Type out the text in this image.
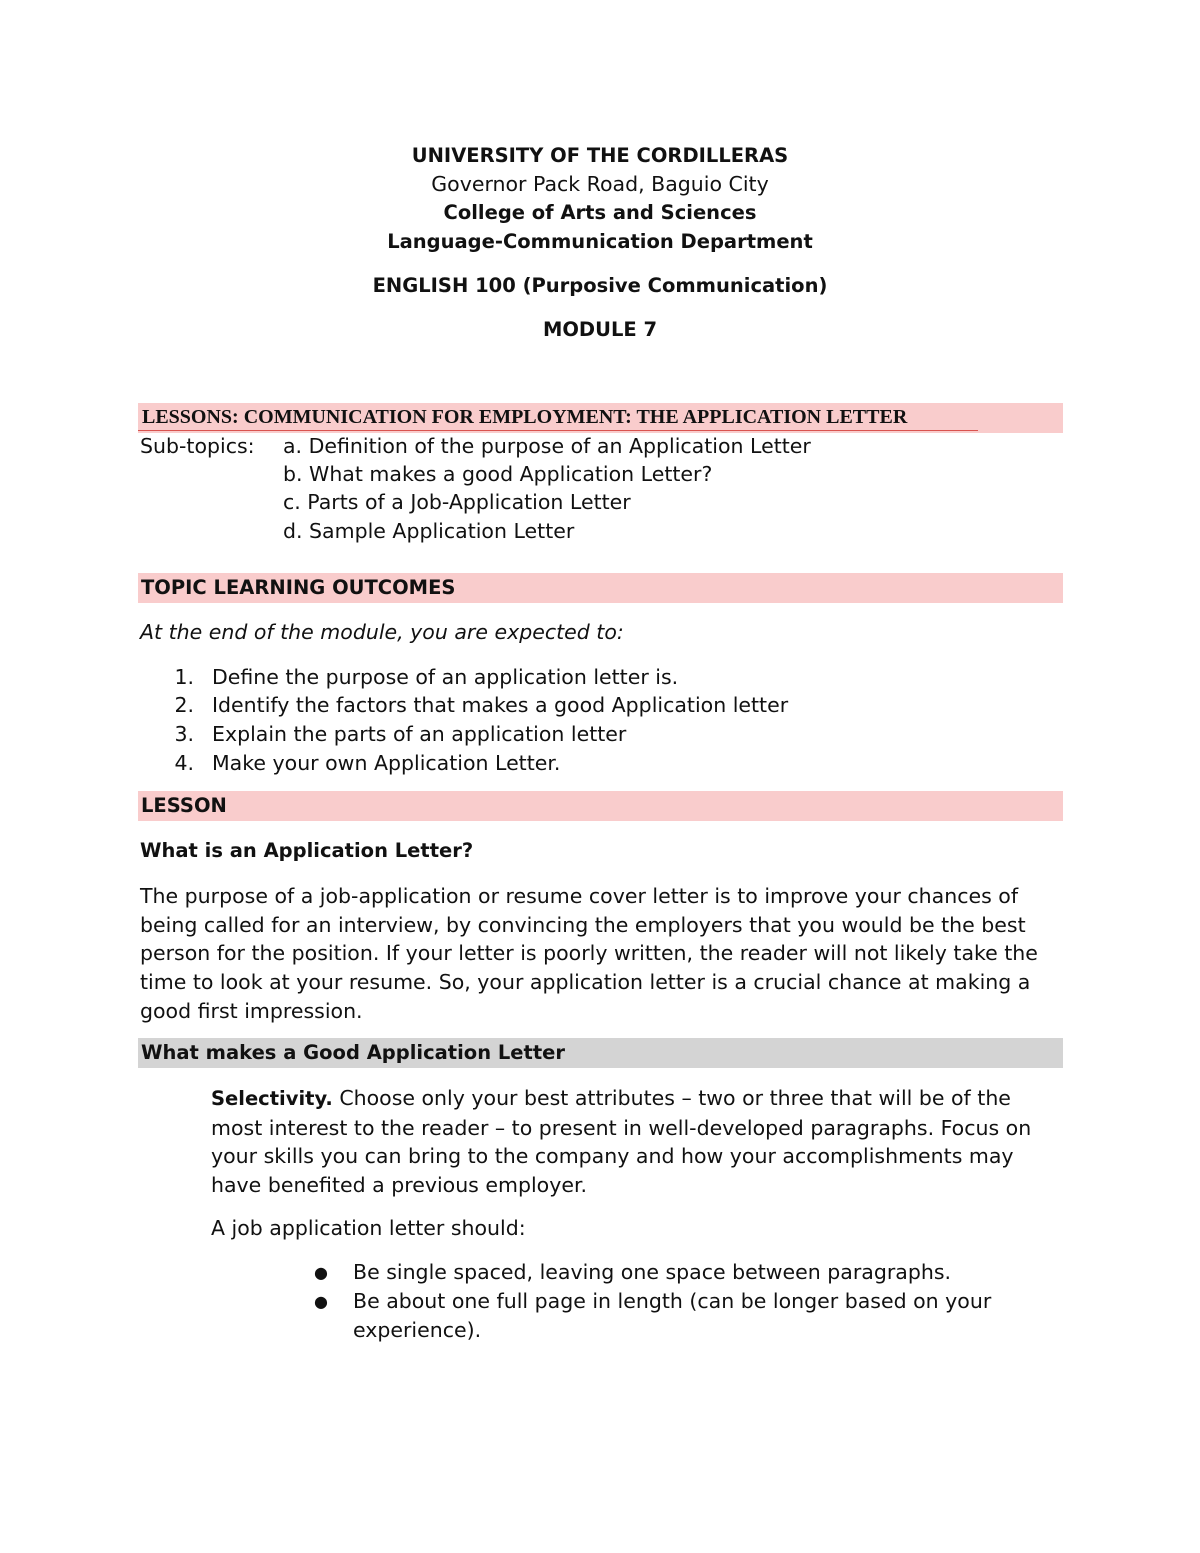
UNIVERSITY OF THE CORDILLERAS
Governor Pack Road, Baguio City
College of Arts and Sciences
Language-Communication Department
ENGLISH 100 (Purposive Communication)
MODULE 7
LESSONS: COMMUNICATION FOR EMPLOYMENT: THE APPLICATION LETTER
Sub-topics: a. Definition of the purpose of an Application Letter
b. What makes a good Application Letter?
c. Parts of a Job-Application Letter
d. Sample Application Letter
TOPIC LEARNING OUTCOMES
At the end of the module, you are expected to:
1. Define the purpose of an application letter is.
2. Identify the factors that makes a good Application letter
3. Explain the parts of an application letter
4. Make your own Application Letter.
LESSON
What is an Application Letter?
The purpose of a job-application or resume cover letter is to improve your chances of being called for an interview, by convincing the employers that you would be the best person for the position. If your letter is poorly written, the reader will not likely take the time to look at your resume. So, your application letter is a crucial chance at making a good first impression.
What makes a Good Application Letter
Selectivity. Choose only your best attributes – two or three that will be of the most interest to the reader – to present in well-developed paragraphs. Focus on your skills you can bring to the company and how your accomplishments may have benefited a previous employer.
A job application letter should:
● Be single spaced, leaving one space between paragraphs.
● Be about one full page in length (can be longer based on your experience).
